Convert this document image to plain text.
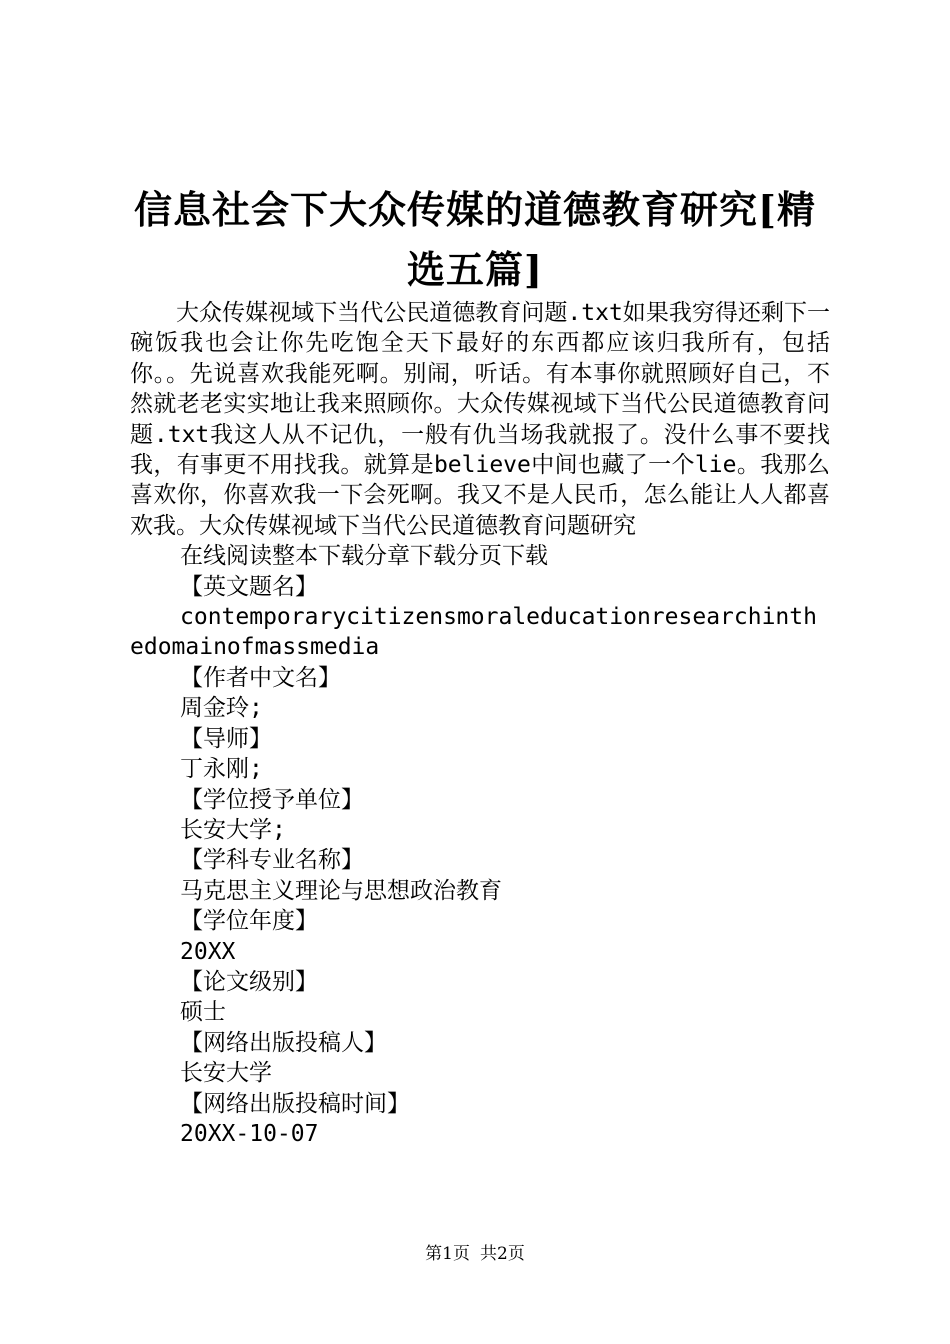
信息社会下大众传媒的道德教育研究[精选五篇]

大众传媒视域下当代公民道德教育问题.txt如果我穷得还剩下一碗饭我也会让你先吃饱全天下最好的东西都应该归我所有，包括你。。先说喜欢我能死啊。别闹，听话。有本事你就照顾好自己，不然就老老实实地让我来照顾你。大众传媒视域下当代公民道德教育问题.txt我这人从不记仇，一般有仇当场我就报了。没什么事不要找我，有事更不用找我。就算是believe中间也藏了一个lie。我那么喜欢你，你喜欢我一下会死啊。我又不是人民币，怎么能让人人都喜欢我。大众传媒视域下当代公民道德教育问题研究

在线阅读整本下载分章下载分页下载

【英文题名】

contemporarycitizensmoraleducationresearchinthedomainofmassmedia

【作者中文名】

周金玲;

【导师】

丁永刚;

【学位授予单位】

长安大学;

【学科专业名称】

马克思主义理论与思想政治教育

【学位年度】

20XX

【论文级别】

硕士

【网络出版投稿人】

长安大学

【网络出版投稿时间】

20XX-10-07

第1页 共2页
